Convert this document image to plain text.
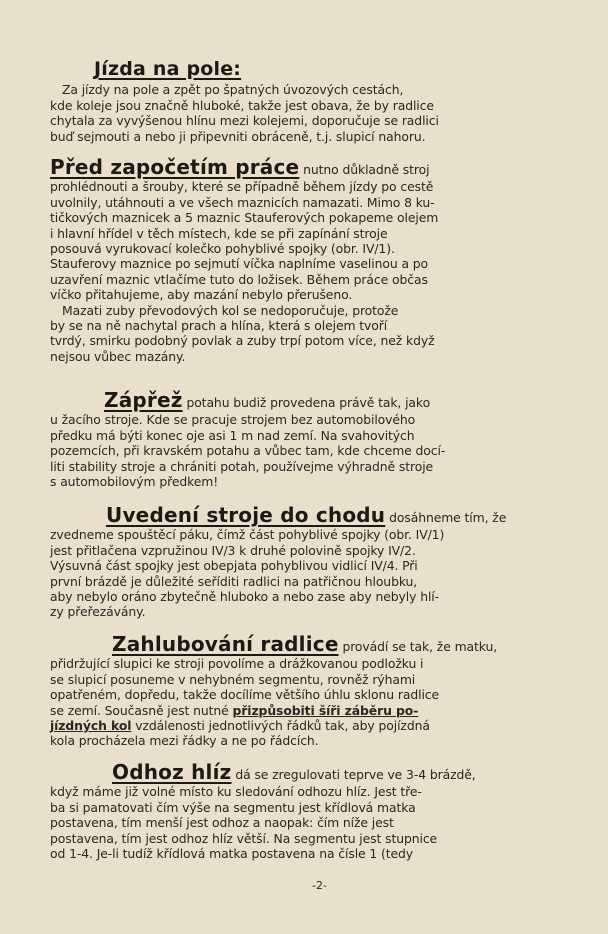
Jízda na pole:
Za jízdy na pole a zpět po špatných úvozových cestách,
kde koleje jsou značně hluboké, takže jest obava, že by radlice
chytala za vyvýšenou hlínu mezi kolejemi, doporučuje se radlici
buď sejmouti a nebo ji připevniti obráceně, t.j. slupicí nahoru.
Před započetím práce nutno důkladně stroj
prohlédnouti a šrouby, které se případně během jízdy po cestě
uvolnily, utáhnouti a ve všech maznicích namazati. Mimo 8 ku-
tičkových maznicek a 5 maznic Stauferových pokapeme olejem
i hlavní hřídel v těch místech, kde se při zapínání stroje
posouvá vyrukovací kolečko pohyblivé spojky (obr. IV/1).
Stauferovy maznice po sejmutí víčka naplníme vaselinou a po
uzavření maznic vtlačíme tuto do ložisek. Během práce občas
víčko přitahujeme, aby mazání nebylo přerušeno.
Mazati zuby převodových kol se nedoporučuje, protože
by se na ně nachytal prach a hlína, která s olejem tvoří
tvrdý, smirku podobný povlak a zuby trpí potom více, než když
nejsou vůbec mazány.
Zápřež potahu budiž provedena právě tak, jako
u žacího stroje. Kde se pracuje strojem bez automobilového
předku má býti konec oje asi 1 m nad zemí. Na svahovitých
pozemcích, při kravském potahu a vůbec tam, kde chceme docí-
liti stability stroje a chrániti potah, používejme výhradně stroje
s automobilovým předkem!
Uvedení stroje do chodu dosáhneme tím, že
zvedneme spouštěcí páku, čímž část pohyblivé spojky (obr. IV/1)
jest přitlačena vzpružinou IV/3 k druhé polovině spojky IV/2.
Výsuvná část spojky jest obepjata pohyblivou vidlicí IV/4. Při
první brázdě je důležité seříditi radlici na patřičnou hloubku,
aby nebylo oráno zbytečně hluboko a nebo zase aby nebyly hlí-
zy přeřezávány.
Zahlubování radlice provádí se tak, že matku,
přidržující slupici ke stroji povolíme a drážkovanou podložku i
se slupicí posuneme v nehybném segmentu, rovněž rýhami
opatřeném, dopředu, takže docílíme většího úhlu sklonu radlice
se zemí. Současně jest nutné přizpůsobiti šíři záběru po-
jízdných kol vzdálenosti jednotlivých řádků tak, aby pojízdná
kola procházela mezi řádky a ne po řádcích.
Odhoz hlíz dá se zregulovati teprve ve 3-4 brázdě,
když máme již volné místo ku sledování odhozu hlíz. Jest tře-
ba si pamatovati čím výše na segmentu jest křídlová matka
postavena, tím menší jest odhoz a naopak: čím níže jest
postavena, tím jest odhoz hlíz větší. Na segmentu jest stupnice
od 1-4. Je-li tudíž křídlová matka postavena na čísle 1 (tedy
-2-
